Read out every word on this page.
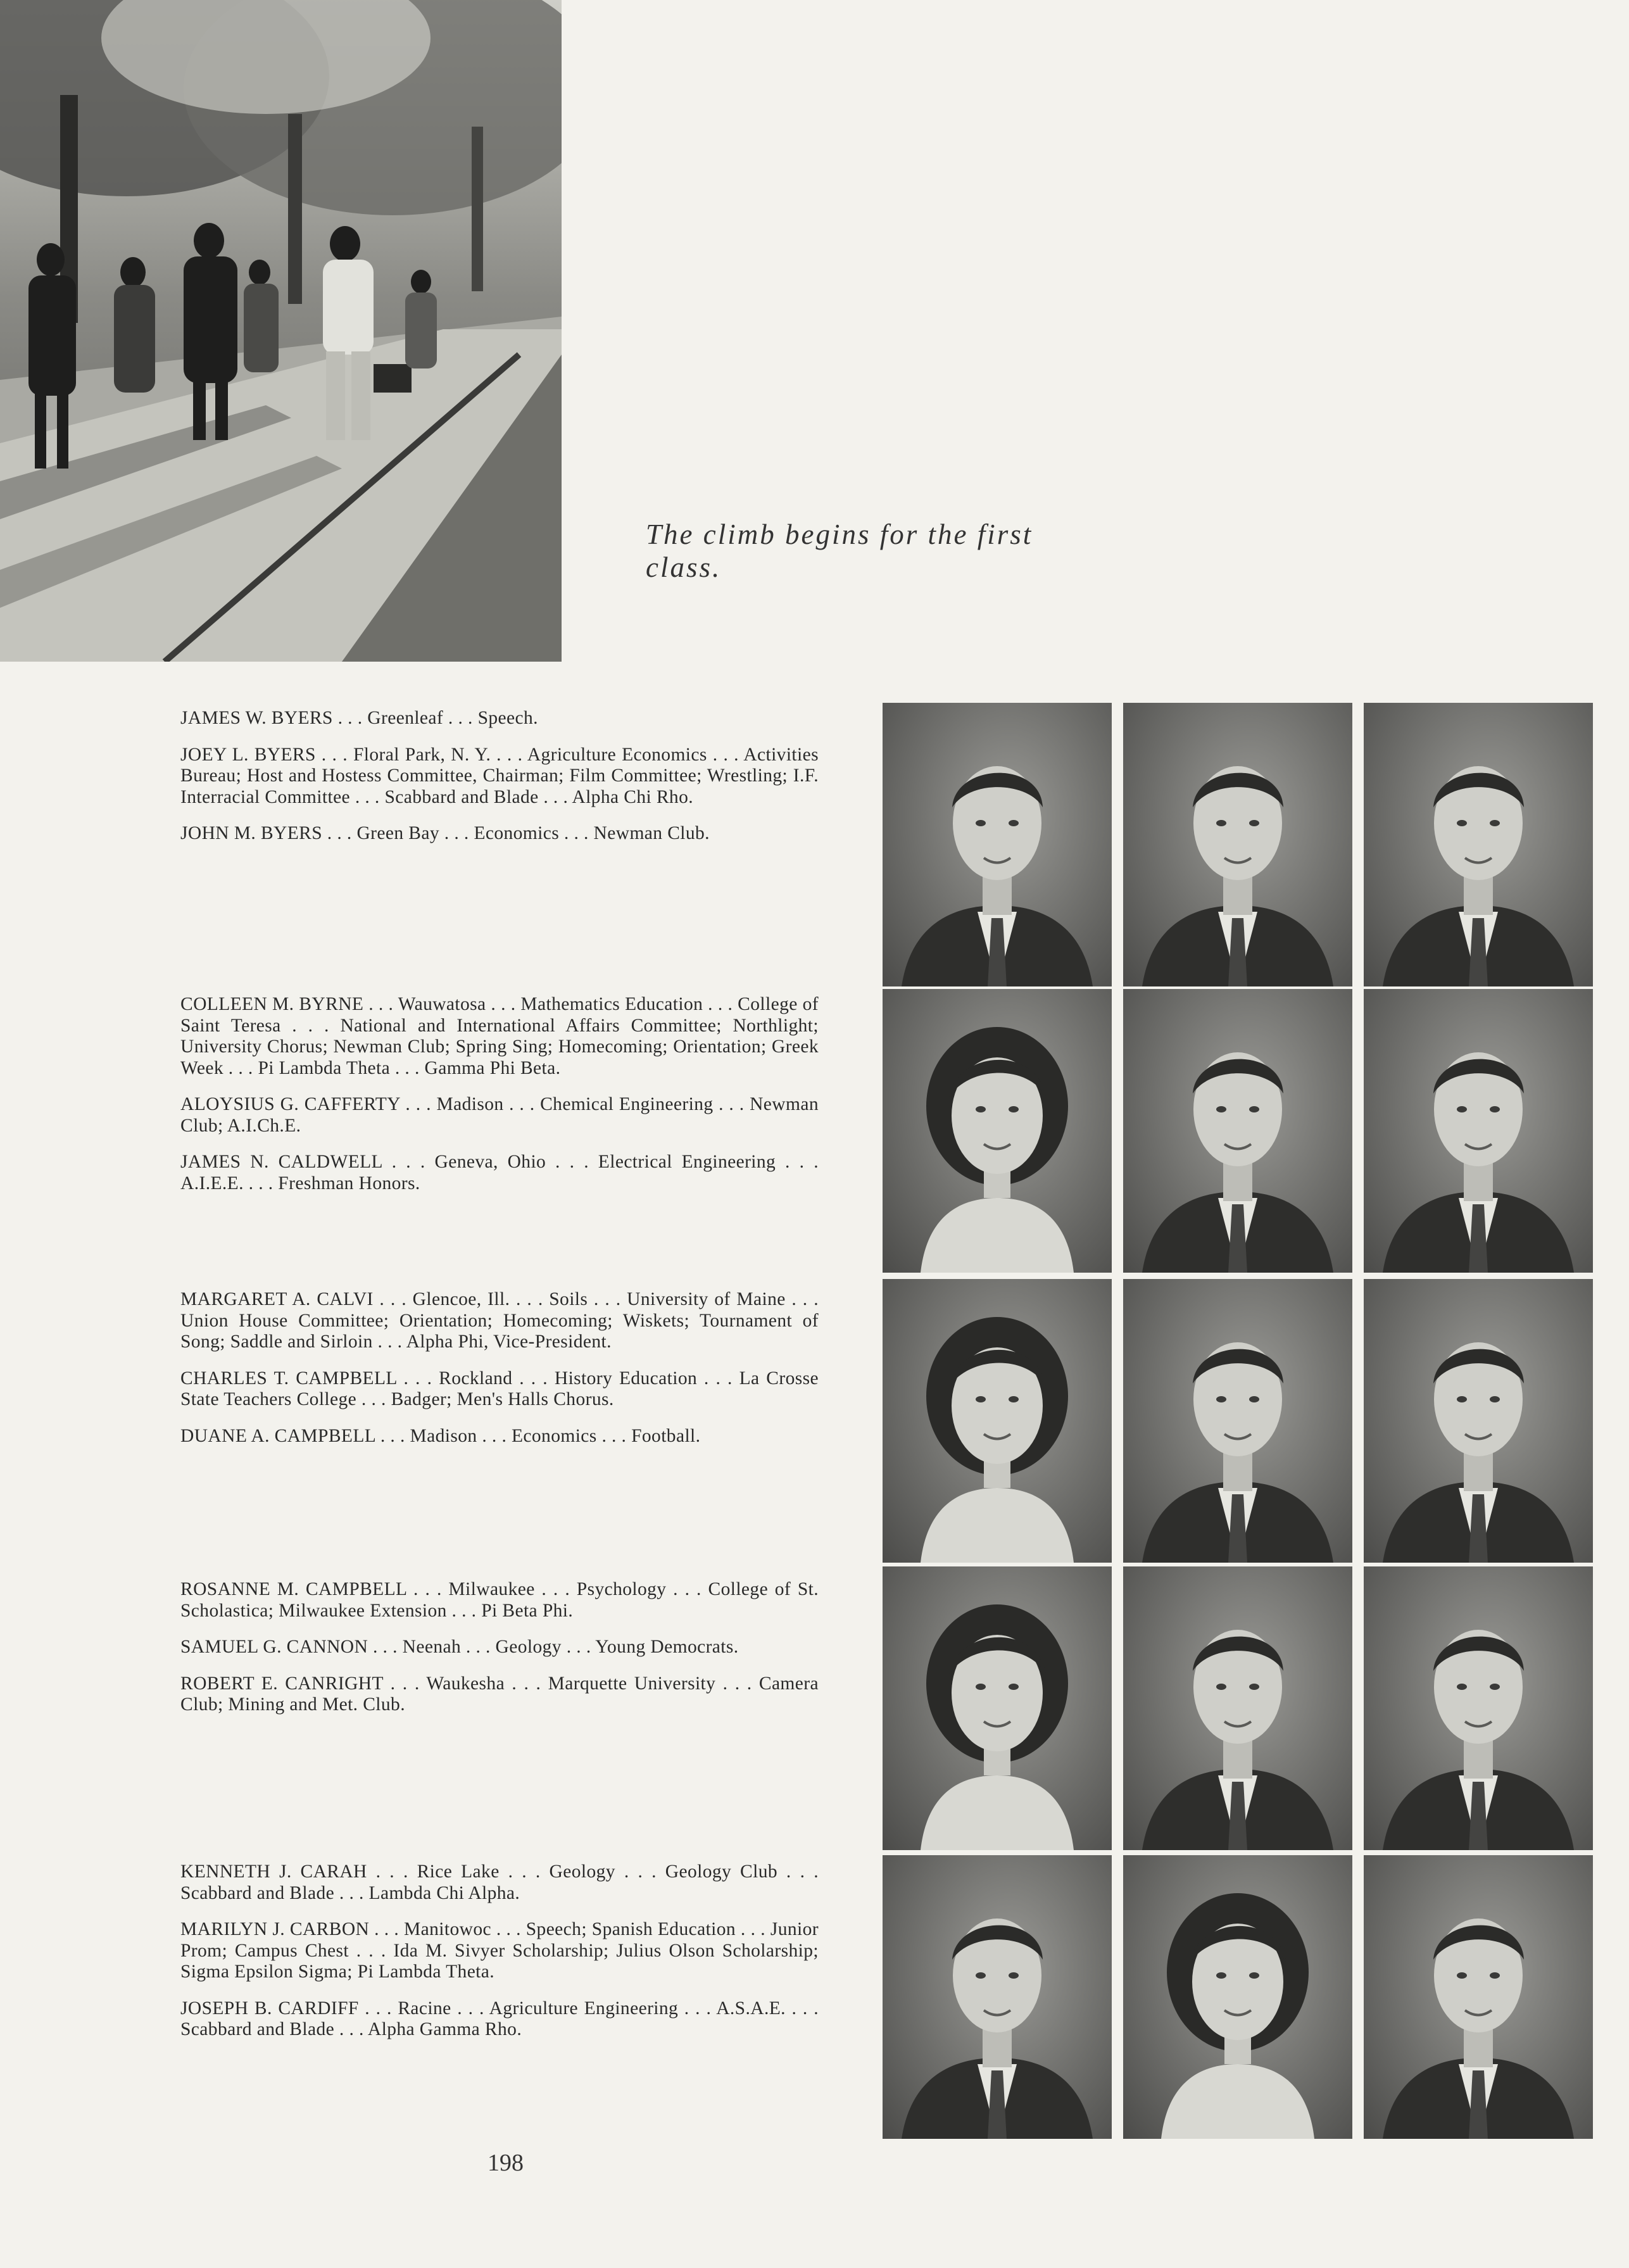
The climb begins for the first class.

JAMES W. BYERS . . . Greenleaf . . . Speech.

JOEY L. BYERS . . . Floral Park, N. Y. . . . Agriculture Economics . . . Activities Bureau; Host and Hostess Committee, Chairman; Film Committee; Wrestling; I.F. Interracial Committee . . . Scabbard and Blade . . . Alpha Chi Rho.

JOHN M. BYERS . . . Green Bay . . . Economics . . . Newman Club.

COLLEEN M. BYRNE . . . Wauwatosa . . . Mathematics Education . . . College of Saint Teresa . . . National and International Affairs Committee; Northlight; University Chorus; Newman Club; Spring Sing; Homecoming; Orientation; Greek Week . . . Pi Lambda Theta . . . Gamma Phi Beta.

ALOYSIUS G. CAFFERTY . . . Madison . . . Chemical Engineering . . . Newman Club; A.I.Ch.E.

JAMES N. CALDWELL . . . Geneva, Ohio . . . Electrical Engineering . . . A.I.E.E. . . . Freshman Honors.

MARGARET A. CALVI . . . Glencoe, Ill. . . . Soils . . . University of Maine . . . Union House Committee; Orientation; Homecoming; Wiskets; Tournament of Song; Saddle and Sirloin . . . Alpha Phi, Vice-President.

CHARLES T. CAMPBELL . . . Rockland . . . History Education . . . La Crosse State Teachers College . . . Badger; Men's Halls Chorus.

DUANE A. CAMPBELL . . . Madison . . . Economics . . . Football.

ROSANNE M. CAMPBELL . . . Milwaukee . . . Psychology . . . College of St. Scholastica; Milwaukee Extension . . . Pi Beta Phi.

SAMUEL G. CANNON . . . Neenah . . . Geology . . . Young Democrats.

ROBERT E. CANRIGHT . . . Waukesha . . . Marquette University . . . Camera Club; Mining and Met. Club.

KENNETH J. CARAH . . . Rice Lake . . . Geology . . . Geology Club . . . Scabbard and Blade . . . Lambda Chi Alpha.

MARILYN J. CARBON . . . Manitowoc . . . Speech; Spanish Education . . . Junior Prom; Campus Chest . . . Ida M. Sivyer Scholarship; Julius Olson Scholarship; Sigma Epsilon Sigma; Pi Lambda Theta.

JOSEPH B. CARDIFF . . . Racine . . . Agriculture Engineering . . . A.S.A.E. . . . Scabbard and Blade . . . Alpha Gamma Rho.

198
